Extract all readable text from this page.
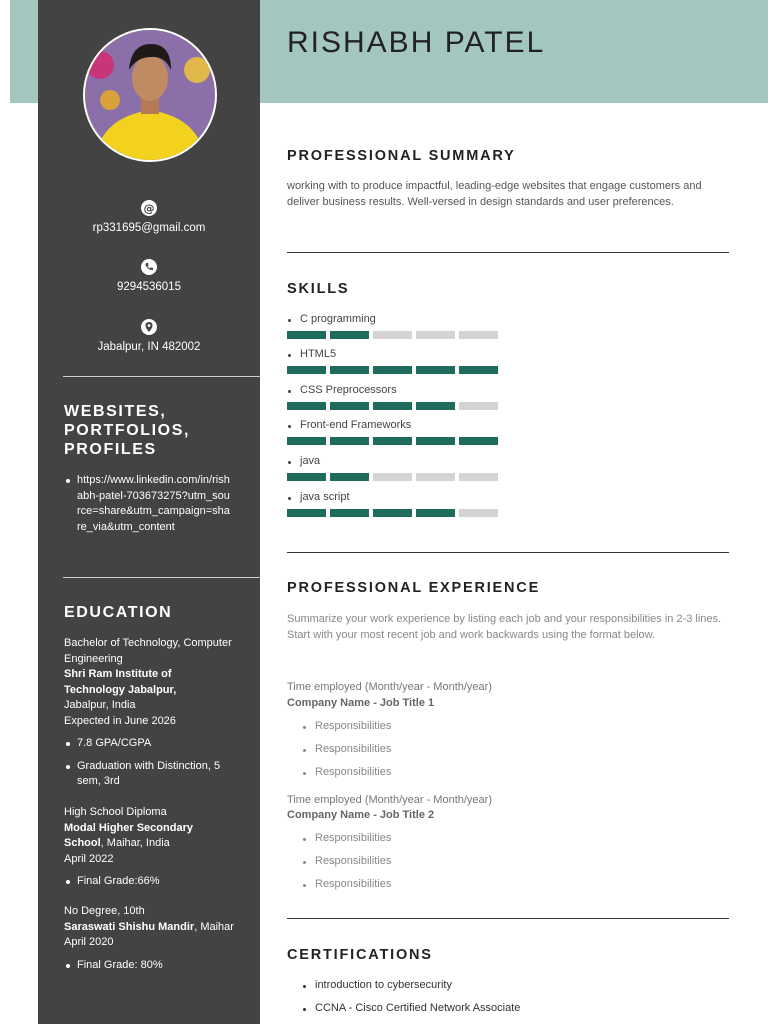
@
rp331695@gmail.com
9294536015
Jabalpur, IN 482002
WEBSITES, PORTFOLIOS, PROFILES
https://www.linkedin.com/in/rishabh-patel-703673275?utm_source=share&utm_campaign=share_via&utm_content
EDUCATION
Bachelor of Technology, Computer Engineering
Shri Ram Institute of Technology Jabalpur,
Jabalpur, India
Expected in June 2026
7.8 GPA/CGPA
Graduation with Distinction, 5 sem, 3rd
High School Diploma
Modal Higher Secondary School, Maihar, India
April 2022
Final Grade:66%
No Degree, 10th
Saraswati Shishu Mandir, Maihar
April 2020
Final Grade: 80%
RISHABH PATEL
PROFESSIONAL SUMMARY
working with to produce impactful, leading-edge websites that engage customers and deliver business results. Well-versed in design standards and user preferences.
SKILLS
C programming
HTML5
CSS Preprocessors
Front-end Frameworks
java
java script
PROFESSIONAL EXPERIENCE
Summarize your work experience by listing each job and your responsibilities in 2-3 lines. Start with your most recent job and work backwards using the format below.
Time employed (Month/year - Month/year)
Company Name - Job Title 1
Responsibilities
Responsibilities
Responsibilities
Time employed (Month/year - Month/year)
Company Name - Job Title 2
Responsibilities
Responsibilities
Responsibilities
CERTIFICATIONS
introduction to cybersecurity
CCNA - Cisco Certified Network Associate
